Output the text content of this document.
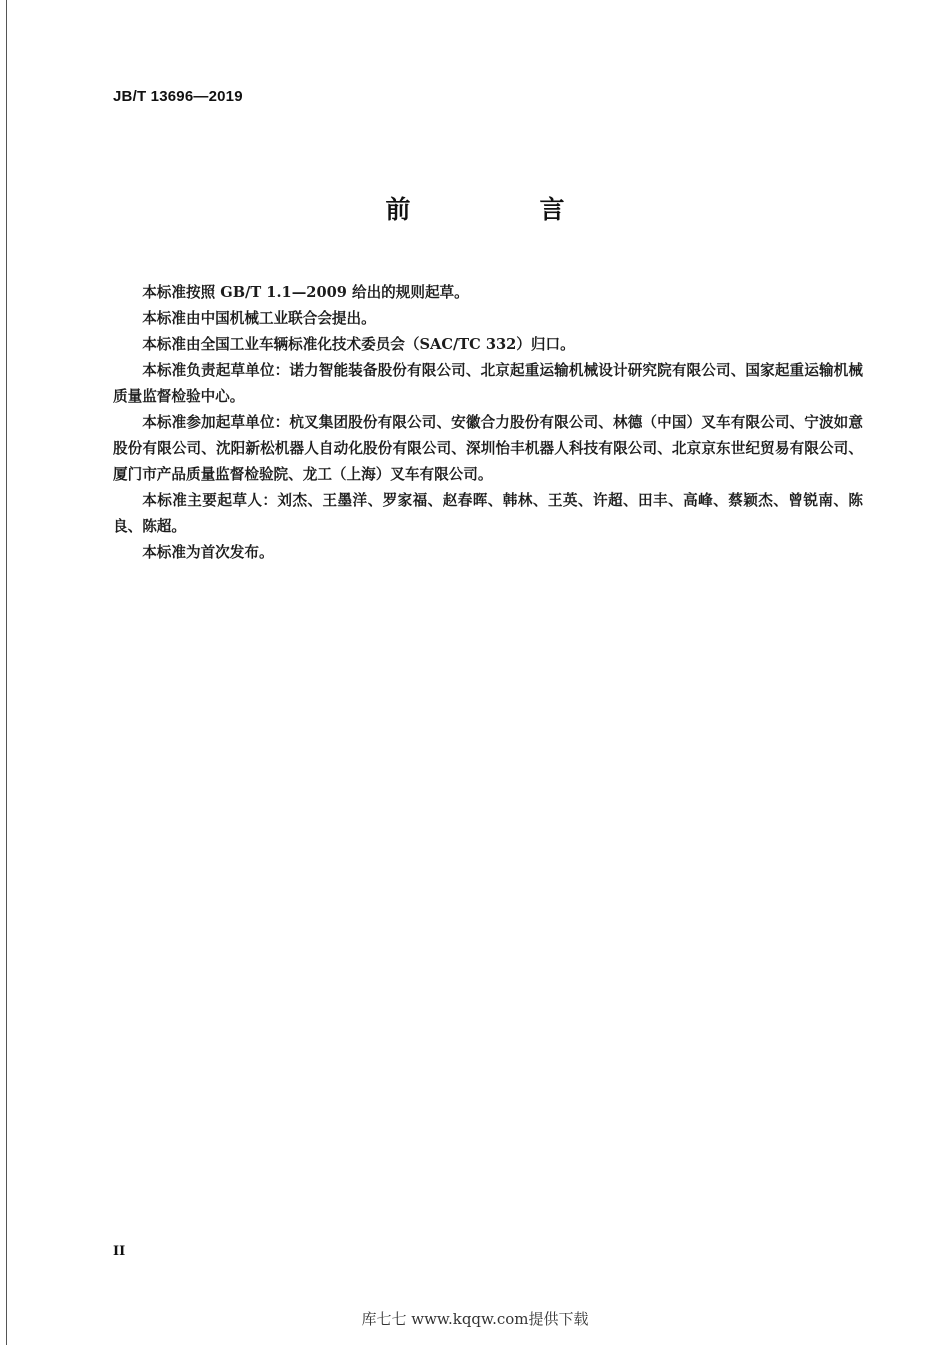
JB/T 13696—2019
前　言

本标准按照 GB/T 1.1—2009 给出的规则起草。

本标准由中国机械工业联合会提出。

本标准由全国工业车辆标准化技术委员会（SAC/TC 332）归口。

本标准负责起草单位：诺力智能装备股份有限公司、北京起重运输机械设计研究院有限公司、国家起重运输机械质量监督检验中心。

本标准参加起草单位：杭叉集团股份有限公司、安徽合力股份有限公司、林德（中国）叉车有限公司、宁波如意股份有限公司、沈阳新松机器人自动化股份有限公司、深圳怡丰机器人科技有限公司、北京京东世纪贸易有限公司、厦门市产品质量监督检验院、龙工（上海）叉车有限公司。

本标准主要起草人：刘杰、王墨洋、罗家福、赵春晖、韩林、王英、许超、田丰、高峰、蔡颖杰、曾锐南、陈良、陈超。

本标准为首次发布。

II
库七七 www.kqqw.com提供下载
